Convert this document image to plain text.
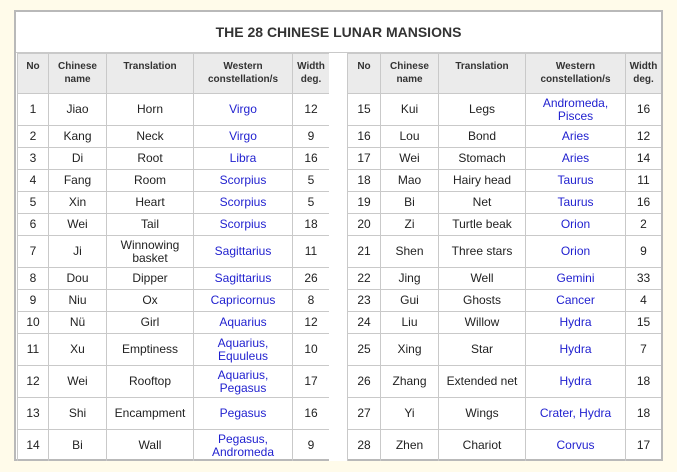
THE 28 CHINESE LUNAR MANSIONS
No	Chinese name	Translation	Western constellation/s	Width deg.		No	Chinese name	Translation	Western constellation/s	Width deg.
1	Jiao	Horn	Virgo	12		15	Kui	Legs	Andromeda, Pisces	16
2	Kang	Neck	Virgo	9		16	Lou	Bond	Aries	12
3	Di	Root	Libra	16		17	Wei	Stomach	Aries	14
4	Fang	Room	Scorpius	5		18	Mao	Hairy head	Taurus	11
5	Xin	Heart	Scorpius	5		19	Bi	Net	Taurus	16
6	Wei	Tail	Scorpius	18		20	Zi	Turtle beak	Orion	2
7	Ji	Winnowing basket	Sagittarius	11		21	Shen	Three stars	Orion	9
8	Dou	Dipper	Sagittarius	26		22	Jing	Well	Gemini	33
9	Niu	Ox	Capricornus	8		23	Gui	Ghosts	Cancer	4
10	Nü	Girl	Aquarius	12		24	Liu	Willow	Hydra	15
11	Xu	Emptiness	Aquarius, Equuleus	10		25	Xing	Star	Hydra	7
12	Wei	Rooftop	Aquarius, Pegasus	17		26	Zhang	Extended net	Hydra	18
13	Shi	Encampment	Pegasus	16		27	Yi	Wings	Crater, Hydra	18
14	Bi	Wall	Pegasus, Andromeda	9		28	Zhen	Chariot	Corvus	17
